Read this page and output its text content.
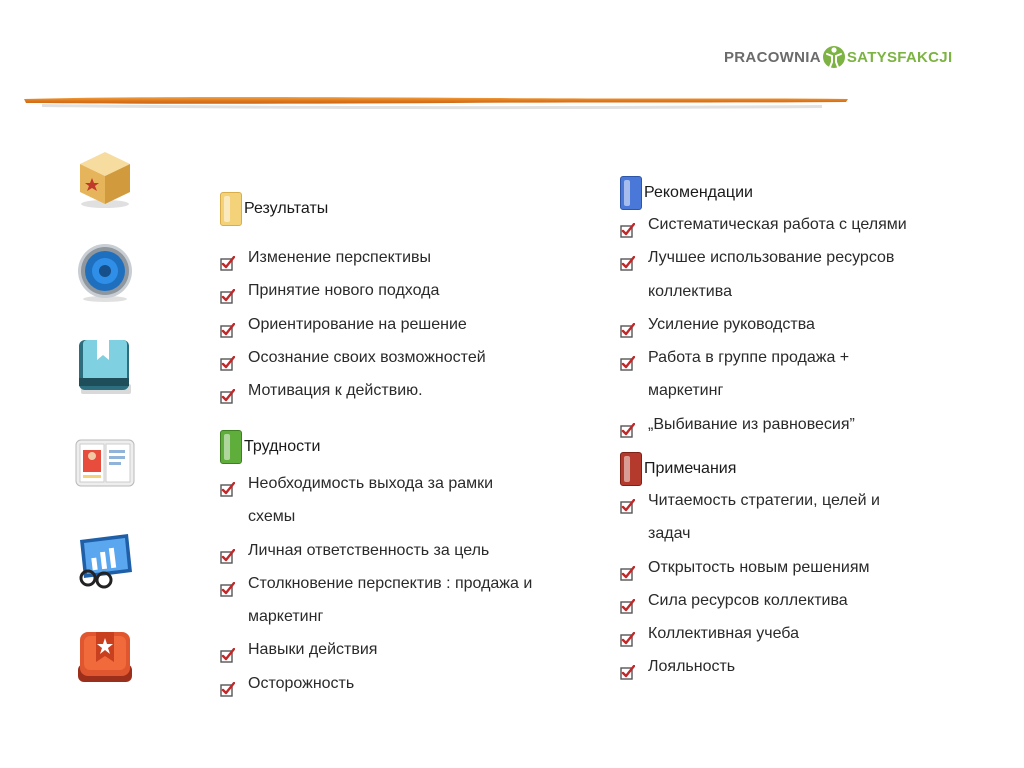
PRACOWNIA SATYSFAKCJI
Результаты
Изменение перспективы
Принятие нового подхода
Ориентирование на решение
Осознание своих возможностей
Мотивация к действию.
Трудности
Необходимость выхода за рамки
схемы
Личная ответственность за цель
Столкновение перспектив : продажа и
маркетинг
Навыки действия
Осторожность
Рекомендации
Систематическая работа с целями
Лучшее использование ресурсов
коллектива
Усиление руководства
Работа в группе продажа +
маркетинг
„Выбивание из равновесия”
Примечания
Читаемость стратегии, целей и
задач
Открытость новым решениям
Сила ресурсов коллектива
Коллективная учеба
Лояльность
